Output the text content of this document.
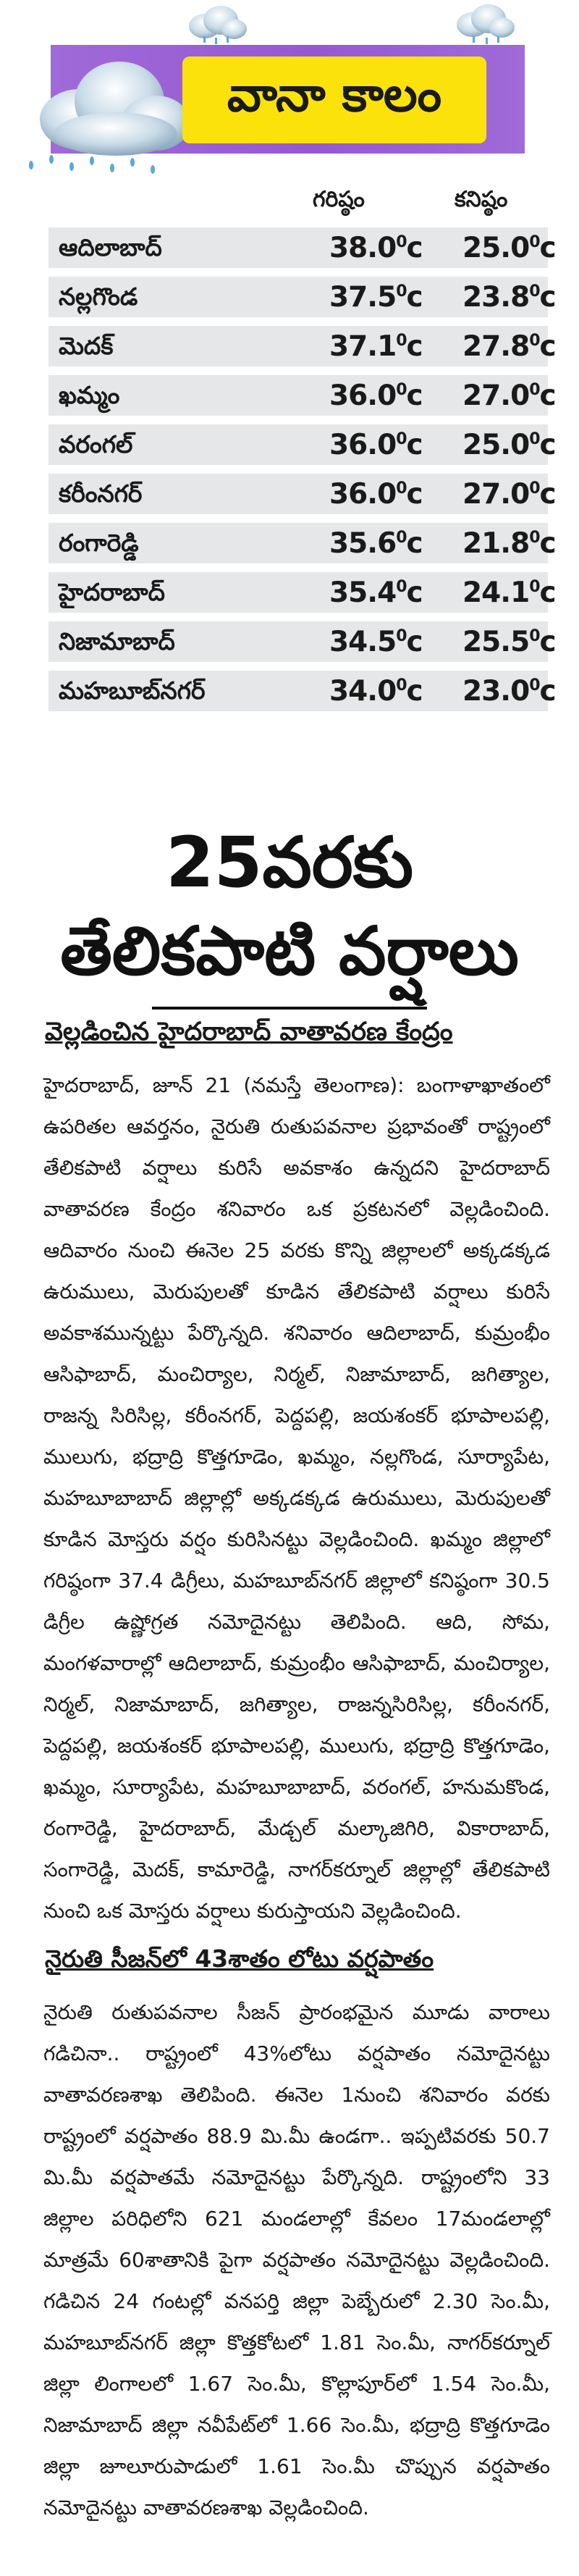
వానా కాలం
గరిష్ఠం	కనిష్ఠం
ఆదిలాబాద్	38.0$^0$c 25.0$^0$c
నల్లగొండ	37.5$^0$c 23.8$^0$c
మెదక్	37.1$^0$c 27.8$^0$c
ఖమ్మం	36.0$^0$c 27.0$^0$c
వరంగల్	36.0$^0$c 25.0$^0$c
కరీంనగర్	36.0$^0$c 27.0$^0$c
రంగారెడ్డి	35.6$^0$c 21.8$^0$c
హైదరాబాద్	35.4$^0$c 24.1$^0$c
నిజామాబాద్	34.5$^0$c 25.5$^0$c
మహబూబ్‌నగర్	34.0$^0$c 23.0$^0$c
25వరకు
తేలికపాటి వర్షాలు
వెల్లడించిన హైదరాబాద్ వాతావరణ కేంద్రం

హైదరాబాద్, జూన్ 21 (నమస్తే తెలంగాణ): బంగాళాఖాతంలో ఉపరితల ఆవర్తనం, నైరుతి రుతుపవనాల ప్రభావంతో రాష్ట్రంలో తేలికపాటి వర్షాలు కురిసే అవకాశం ఉన్నదని హైదరాబాద్ వాతావరణ కేంద్రం శనివారం ఒక ప్రకటనలో వెల్లడించింది. ఆదివారం నుంచి ఈనెల 25 వరకు కొన్ని జిల్లాలలో అక్కడక్కడ ఉరుములు, మెరుపులతో కూడిన తేలికపాటి వర్షాలు కురిసే అవకాశమున్నట్టు పేర్కొన్నది. శనివారం ఆదిలాబాద్, కుమ్రంభీం ఆసిఫాబాద్, మంచిర్యాల, నిర్మల్, నిజామాబాద్, జగిత్యాల, రాజన్న సిరిసిల్ల, కరీంనగర్, పెద్దపల్లి, జయశంకర్ భూపాలపల్లి, ములుగు, భద్రాద్రి కొత్తగూడెం, ఖమ్మం, నల్లగొండ, సూర్యాపేట, మహబూబాబాద్ జిల్లాల్లో అక్కడక్కడ ఉరుములు, మెరుపులతో కూడిన మోస్తరు వర్షం కురిసినట్టు వెల్లడించింది. ఖమ్మం జిల్లాలో గరిష్ఠంగా 37.4 డిగ్రీలు, మహబూబ్‌నగర్ జిల్లాలో కనిష్ఠంగా 30.5 డిగ్రీల ఉష్ణోగ్రత నమోదైనట్టు తెలిపింది. ఆది, సోమ, మంగళవారాల్లో ఆదిలాబాద్, కుమ్రంభీం ఆసిఫాబాద్, మంచిర్యాల, నిర్మల్, నిజామాబాద్, జగిత్యాల, రాజన్నసిరిసిల్ల, కరీంనగర్, పెద్దపల్లి, జయశంకర్ భూపాలపల్లి, ములుగు, భద్రాద్రి కొత్తగూడెం, ఖమ్మం, సూర్యాపేట, మహబూబాబాద్, వరంగల్, హనుమకొండ, రంగారెడ్డి, హైదరాబాద్, మేడ్చల్ మల్కాజిగిరి, వికారాబాద్, సంగారెడ్డి, మెదక్, కామారెడ్డి, నాగర్‌కర్నూల్ జిల్లాల్లో తేలికపాటి నుంచి ఒక మోస్తరు వర్షాలు కురుస్తాయని వెల్లడించింది.

నైరుతి సీజన్‌లో 43శాతం లోటు వర్షపాతం

నైరుతి రుతుపవనాల సీజన్ ప్రారంభమైన మూడు వారాలు గడిచినా.. రాష్ట్రంలో 43%లోటు వర్షపాతం నమోదైనట్టు వాతావరణశాఖ తెలిపింది. ఈనెల 1నుంచి శనివారం వరకు రాష్ట్రంలో వర్షపాతం 88.9 మి.మీ ఉండగా.. ఇప్పటివరకు 50.7 మి.మీ వర్షపాతమే నమోదైనట్టు పేర్కొన్నది. రాష్ట్రంలోని 33 జిల్లాల పరిధిలోని 621 మండలాల్లో కేవలం 17మండలాల్లో మాత్రమే 60శాతానికి పైగా వర్షపాతం నమోదైనట్టు వెల్లడించింది. గడిచిన 24 గంటల్లో వనపర్తి జిల్లా పెబ్బేరులో 2.30 సెం.మీ, మహబూబ్‌నగర్ జిల్లా కొత్తకోటలో 1.81 సెం.మీ, నాగర్‌కర్నూల్ జిల్లా లింగాలలో 1.67 సెం.మీ, కొల్లాపూర్‌లో 1.54 సెం.మీ, నిజామాబాద్ జిల్లా నవీపేట్‌లో 1.66 సెం.మీ, భద్రాద్రి కొత్తగూడెం జిల్లా జూలూరుపాడులో 1.61 సెం.మీ చొప్పున వర్షపాతం నమోదైనట్టు వాతావరణశాఖ వెల్లడించింది.
